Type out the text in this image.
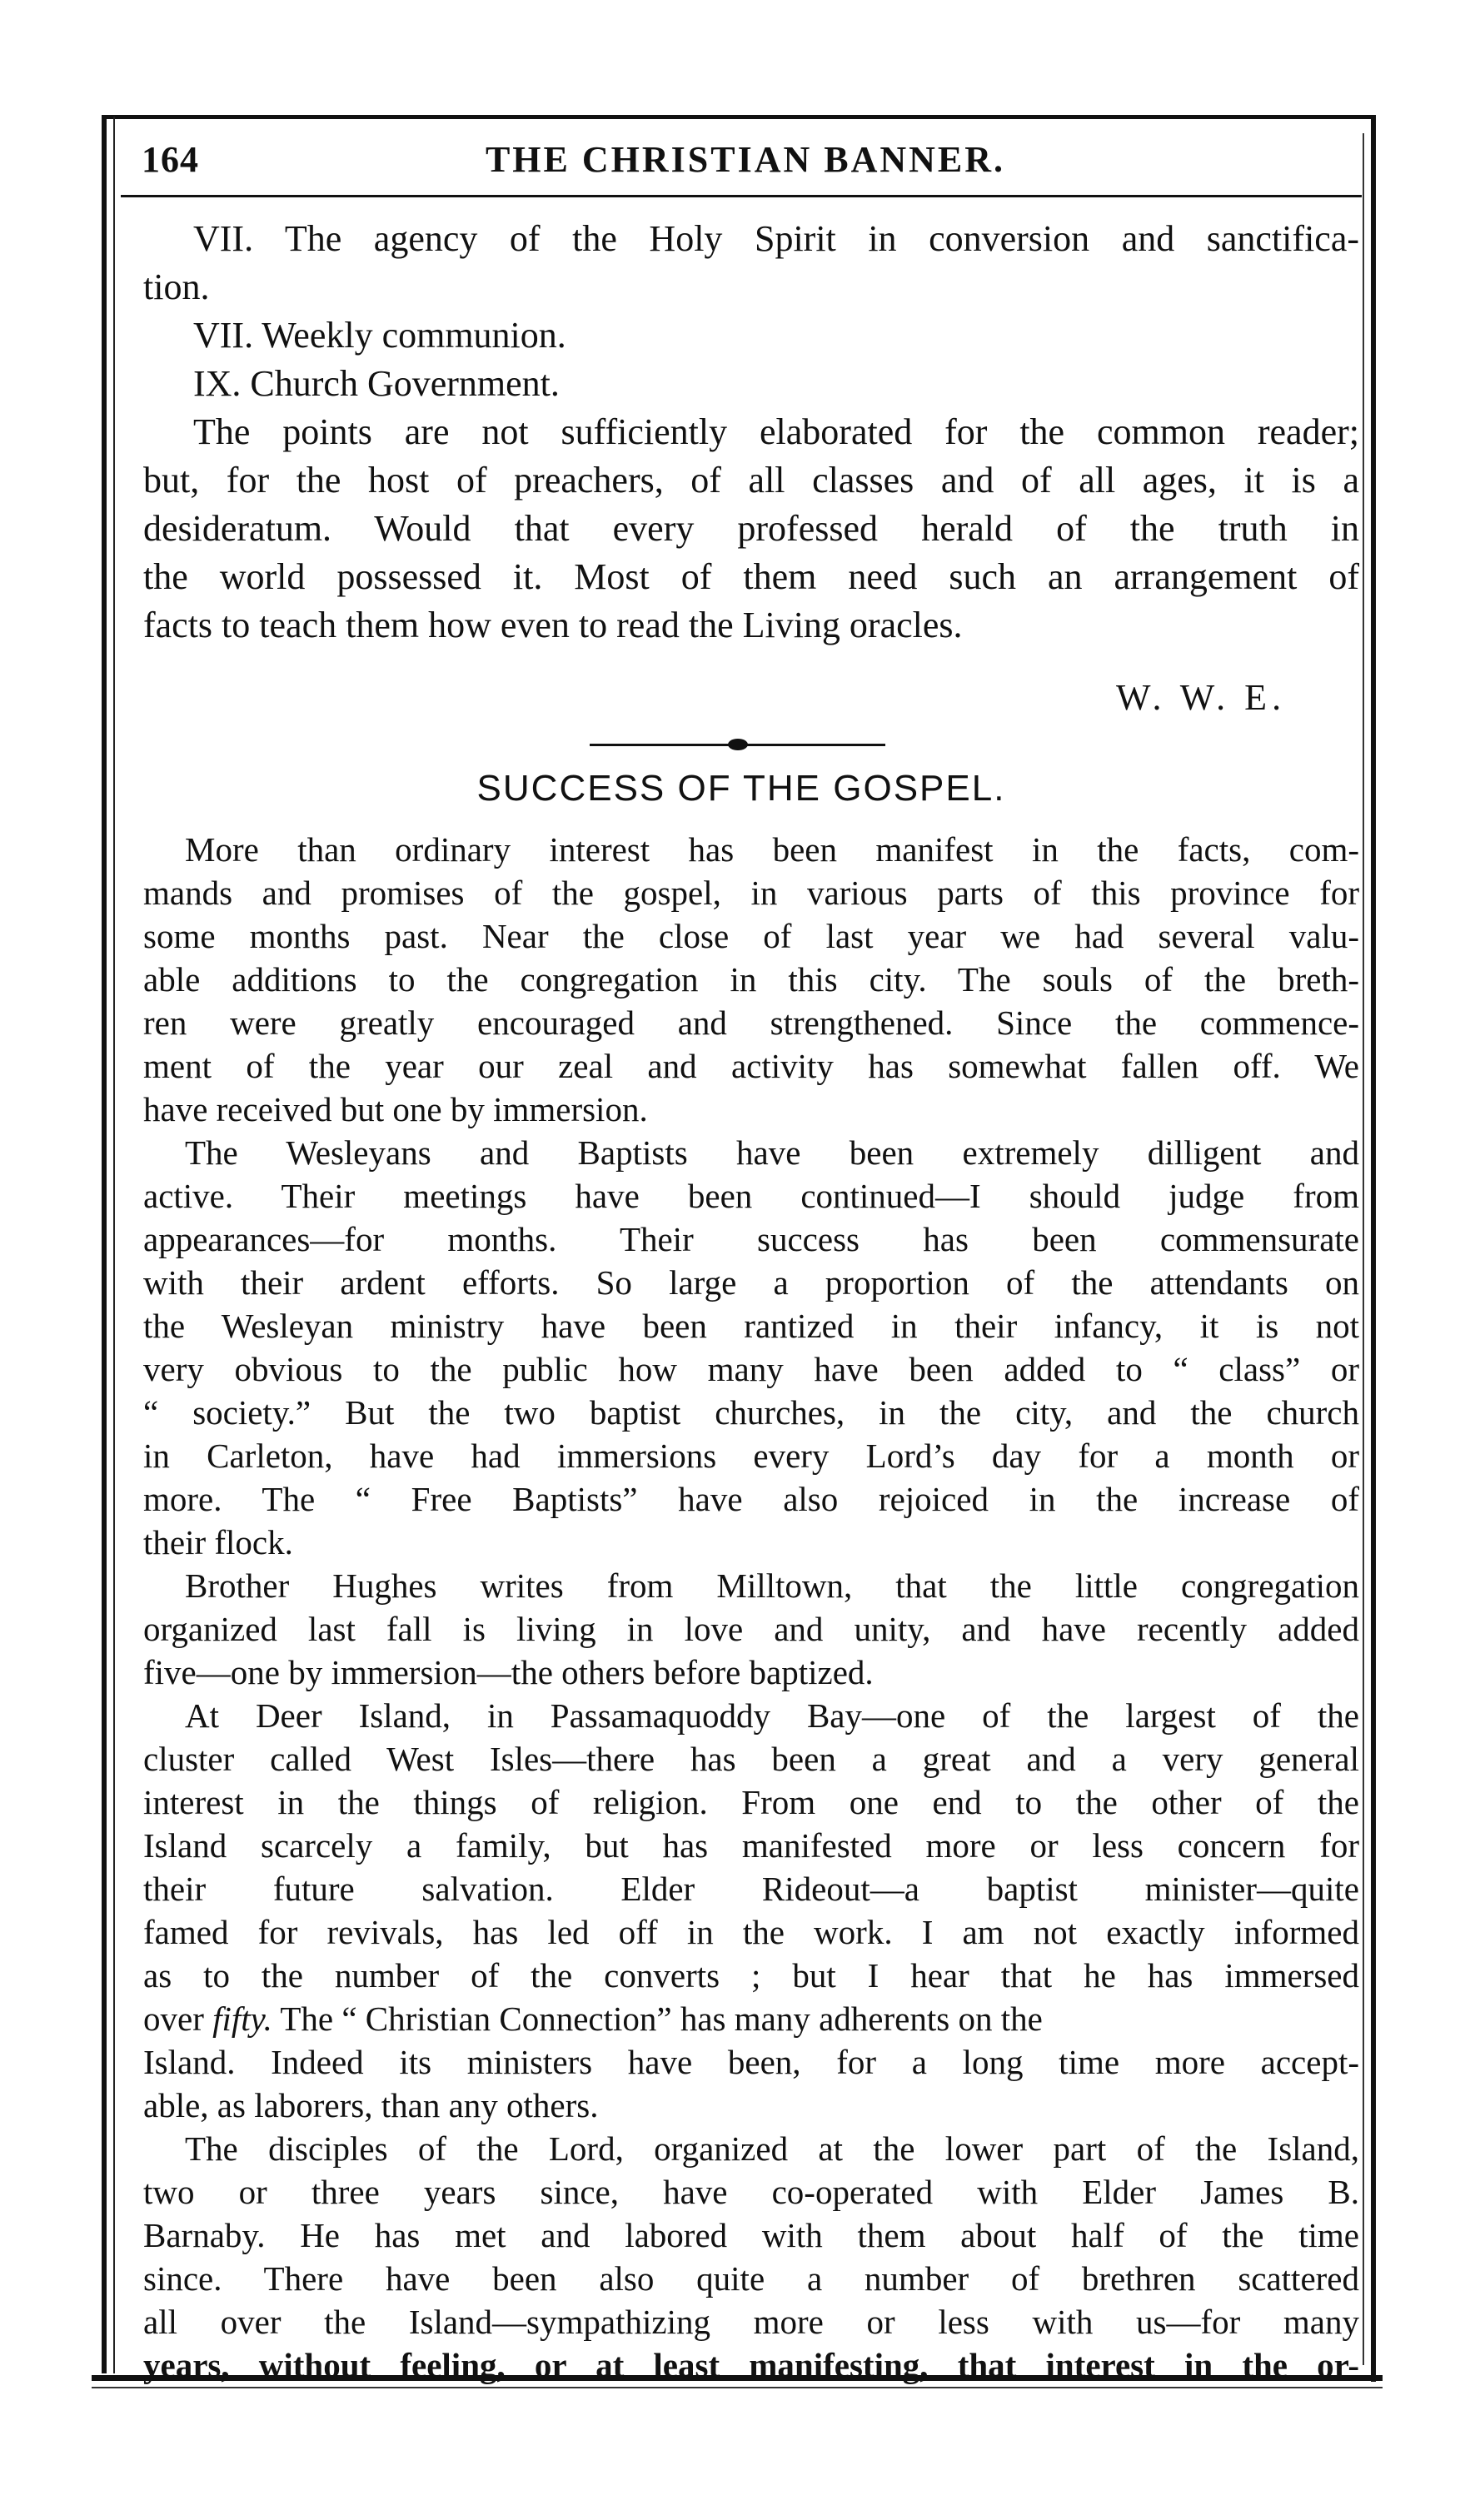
164	THE CHRISTIAN BANNER.
VII. The agency of the Holy Spirit in conversion and sanctifica-
tion.
VII. Weekly communion.
IX. Church Government.
The points are not sufficiently elaborated for the common reader;
but, for the host of preachers, of all classes and of all ages, it is a
desideratum. Would that every professed herald of the truth in
the world possessed it. Most of them need such an arrangement of
facts to teach them how even to read the Living oracles.
W. W. E.
SUCCESS OF THE GOSPEL.
More than ordinary interest has been manifest in the facts, com-
mands and promises of the gospel, in various parts of this province for
some months past. Near the close of last year we had several valu-
able additions to the congregation in this city. The souls of the breth-
ren were greatly encouraged and strengthened. Since the commence-
ment of the year our zeal and activity has somewhat fallen off. We
have received but one by immersion.
The Wesleyans and Baptists have been extremely dilligent and
active. Their meetings have been continued—I should judge from
appearances—for months. Their success has been commensurate
with their ardent efforts. So large a proportion of the attendants on
the Wesleyan ministry have been rantized in their infancy, it is not
very obvious to the public how many have been added to “ class” or
“ society.” But the two baptist churches, in the city, and the church
in Carleton, have had immersions every Lord’s day for a month or
more. The “ Free Baptists” have also rejoiced in the increase of
their flock.
Brother Hughes writes from Milltown, that the little congregation
organized last fall is living in love and unity, and have recently added
five—one by immersion—the others before baptized.
At Deer Island, in Passamaquoddy Bay—one of the largest of the
cluster called West Isles—there has been a great and a very general
interest in the things of religion. From one end to the other of the
Island scarcely a family, but has manifested more or less concern for
their future salvation. Elder Rideout—a baptist minister—quite
famed for revivals, has led off in the work. I am not exactly informed
as to the number of the converts ; but I hear that he has immersed
over fifty. The “ Christian Connection” has many adherents on the
Island. Indeed its ministers have been, for a long time more accept-
able, as laborers, than any others.
The disciples of the Lord, organized at the lower part of the Island,
two or three years since, have co-operated with Elder James B.
Barnaby. He has met and labored with them about half of the time
since. There have been also quite a number of brethren scattered
all over the Island—sympathizing more or less with us—for many
years, without feeling, or at least manifesting, that interest in the or-
